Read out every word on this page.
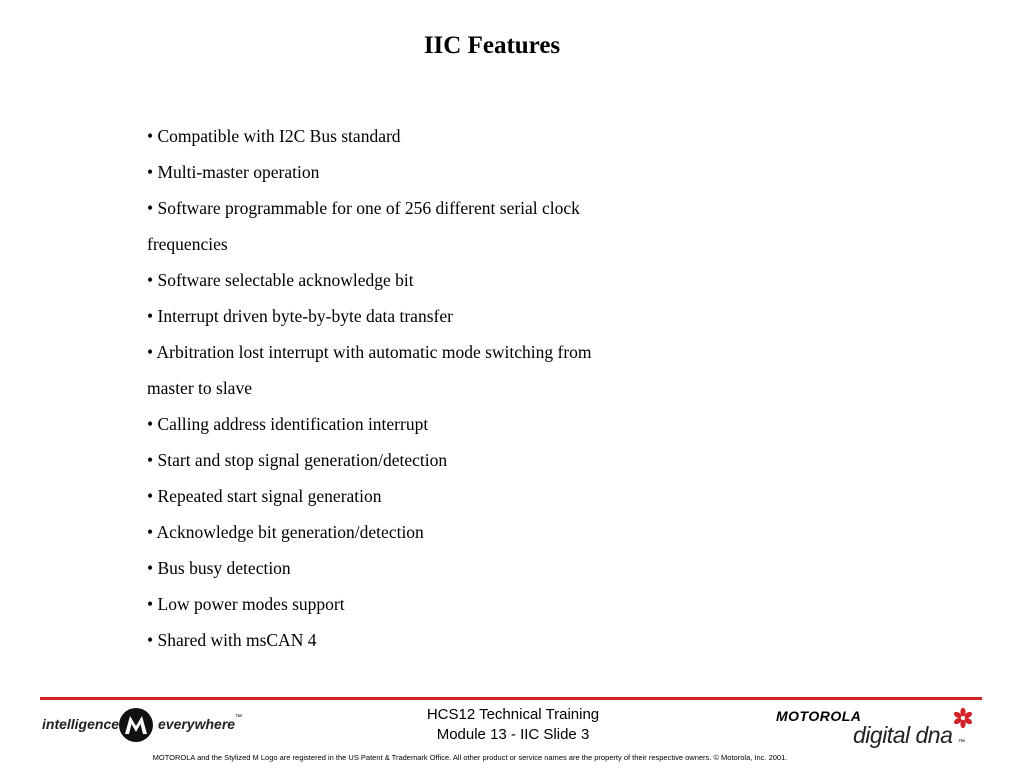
IIC Features
• Compatible with I2C Bus standard
• Multi-master operation
• Software programmable for one of 256 different serial clock
frequencies
• Software selectable acknowledge bit
• Interrupt driven byte-by-byte data transfer
• Arbitration lost interrupt with automatic mode switching from
master to slave
• Calling address identification interrupt
• Start and stop signal generation/detection
• Repeated start signal generation
• Acknowledge bit generation/detection
• Bus busy detection
• Low power modes support
• Shared with msCAN 4
intelligence	everywhere ™	HCS12 Technical Training
Module 13 - IIC Slide 3
MOTOROLA
digital dna ™
MOTOROLA and the Stylized M Logo are registered in the US Patent & Trademark Office. All other product or service names are the property of their respective owners. © Motorola, Inc. 2001.
